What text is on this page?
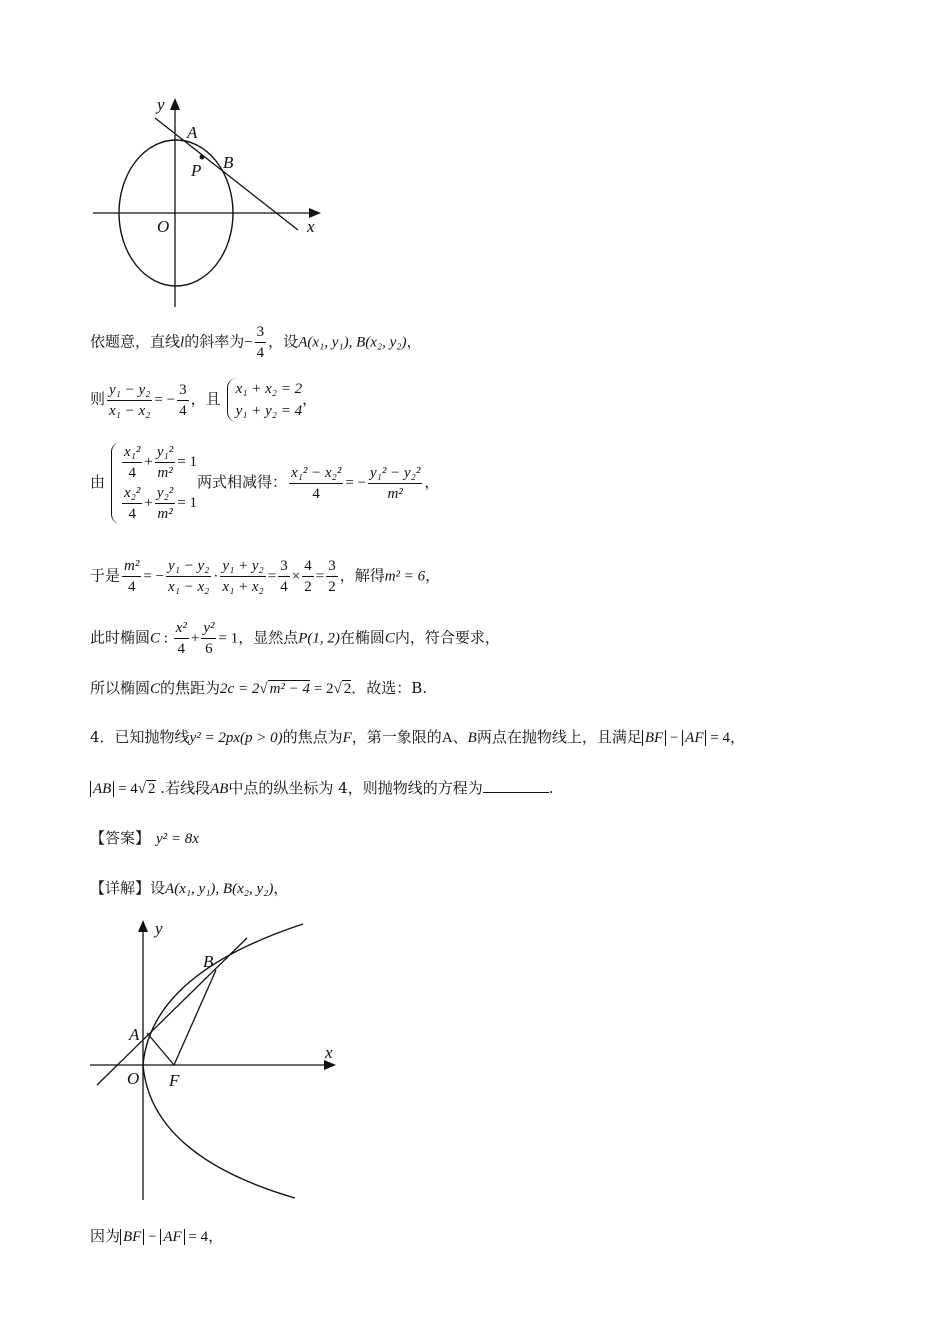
y
x
O
A
B
P
依题意，直线l的斜率为− $\frac{3}{4}$ ，设A(x₁, y₁), B(x₂, y₂)，
则 $\frac{\text{y₁ − y₂}}{\text{x₁ − x₂}}$ = − $\frac{3}{4}$ ，且
x₁ + x₂ = 2
y₁ + y₂ = 4
，
由 $\frac{\text{x₁²}}{4} + \frac{\text{y₁²}}{\text{m²}} = 1$
$\frac{\text{x₂²}}{4} + \frac{\text{y₂²}}{\text{m²}} = 1$
两式相减得： $\frac{\text{x₁² − x₂²}}{4}$ = − $\frac{\text{y₁² − y₂²}}{\text{m²}}$ ，
于是 $\frac{\text{m²}}{4}$ = − $\frac{\text{y₁ − y₂}}{\text{x₁ − x₂}} \cdot \frac{\text{y₁ + y₂}}{\text{x₁ + x₂}} = \frac{3}{4} \times \frac{4}{2} = \frac{3}{2}$ ，解得m² = 6，
此时椭圆C : $\frac{\text{x²}}{4} + \frac{\text{y²}}{6} = 1$，显然点P(1, 2)在椭圆C内，符合要求，
所以椭圆C的焦距为2c = 2√ m² − 4 = 2√ 2．故选：B.
4．已知抛物线y² = 2px(p > 0)的焦点为F，第一象限的A、B两点在抛物线上，且满足 BF − AF = 4，
AB = 4√ 2 .若线段AB中点的纵坐标为 4，则抛物线的方程为	.
【答案】 y² = 8x
【详解】设A(x₁, y₁), B(x₂, y₂)，
y
x
O
A
B
F
因为 BF − AF = 4，
